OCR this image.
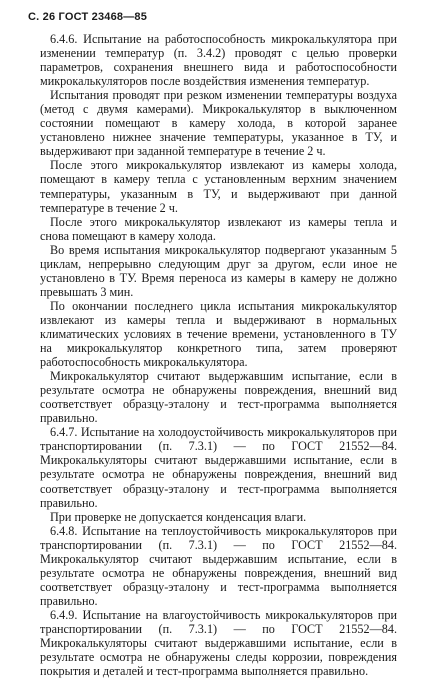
С. 26 ГОСТ 23468—85

6.4.6. Испытание на работоспособность микрокалькулятора при изменении температур (п. 3.4.2) проводят с целью проверки параметров, сохранения внешнего вида и работоспособности микрокалькуляторов после воздействия изменения температур.

Испытания проводят при резком изменении температуры воздуха (метод с двумя камерами). Микрокалькулятор в выключенном состоянии помещают в камеру холода, в которой заранее установлено нижнее значение температуры, указанное в ТУ, и выдерживают при заданной температуре в течение 2 ч.

После этого микрокалькулятор извлекают из камеры холода, помещают в камеру тепла с установленным верхним значением температуры, указанным в ТУ, и выдерживают при данной температуре в течение 2 ч.

После этого микрокалькулятор извлекают из камеры тепла и снова помещают в камеру холода.

Во время испытания микрокалькулятор подвергают указанным 5 циклам, непрерывно следующим друг за другом, если иное не установлено в ТУ. Время переноса из камеры в камеру не должно превышать 3 мин.

По окончании последнего цикла испытания микрокалькулятор извлекают из камеры тепла и выдерживают в нормальных климатических условиях в течение времени, установленного в ТУ на микрокалькулятор конкретного типа, затем проверяют работоспособность микрокалькулятора.

Микрокалькулятор считают выдержавшим испытание, если в результате осмотра не обнаружены повреждения, внешний вид соответствует образцу-эталону и тест-программа выполняется правильно.

6.4.7. Испытание на холодоустойчивость микрокалькуляторов при транспортировании (п. 7.3.1) — по ГОСТ 21552—84. Микрокалькуляторы считают выдержавшими испытание, если в результате осмотра не обнаружены повреждения, внешний вид соответствует образцу-эталону и тест-программа выполняется правильно.

При проверке не допускается конденсация влаги.

6.4.8. Испытание на теплоустойчивость микрокалькуляторов при транспортировании (п. 7.3.1) — по ГОСТ 21552—84. Микрокалькулятор считают выдержавшим испытание, если в результате осмотра не обнаружены повреждения, внешний вид соответствует образцу-эталону и тест-программа выполняется правильно.

6.4.9. Испытание на влагоустойчивость микрокалькуляторов при транспортировании (п. 7.3.1) — по ГОСТ 21552—84. Микрокалькуляторы считают выдержавшими испытание, если в результате осмотра не обнаружены следы коррозии, повреждения покрытия и деталей и тест-программа выполняется правильно.
